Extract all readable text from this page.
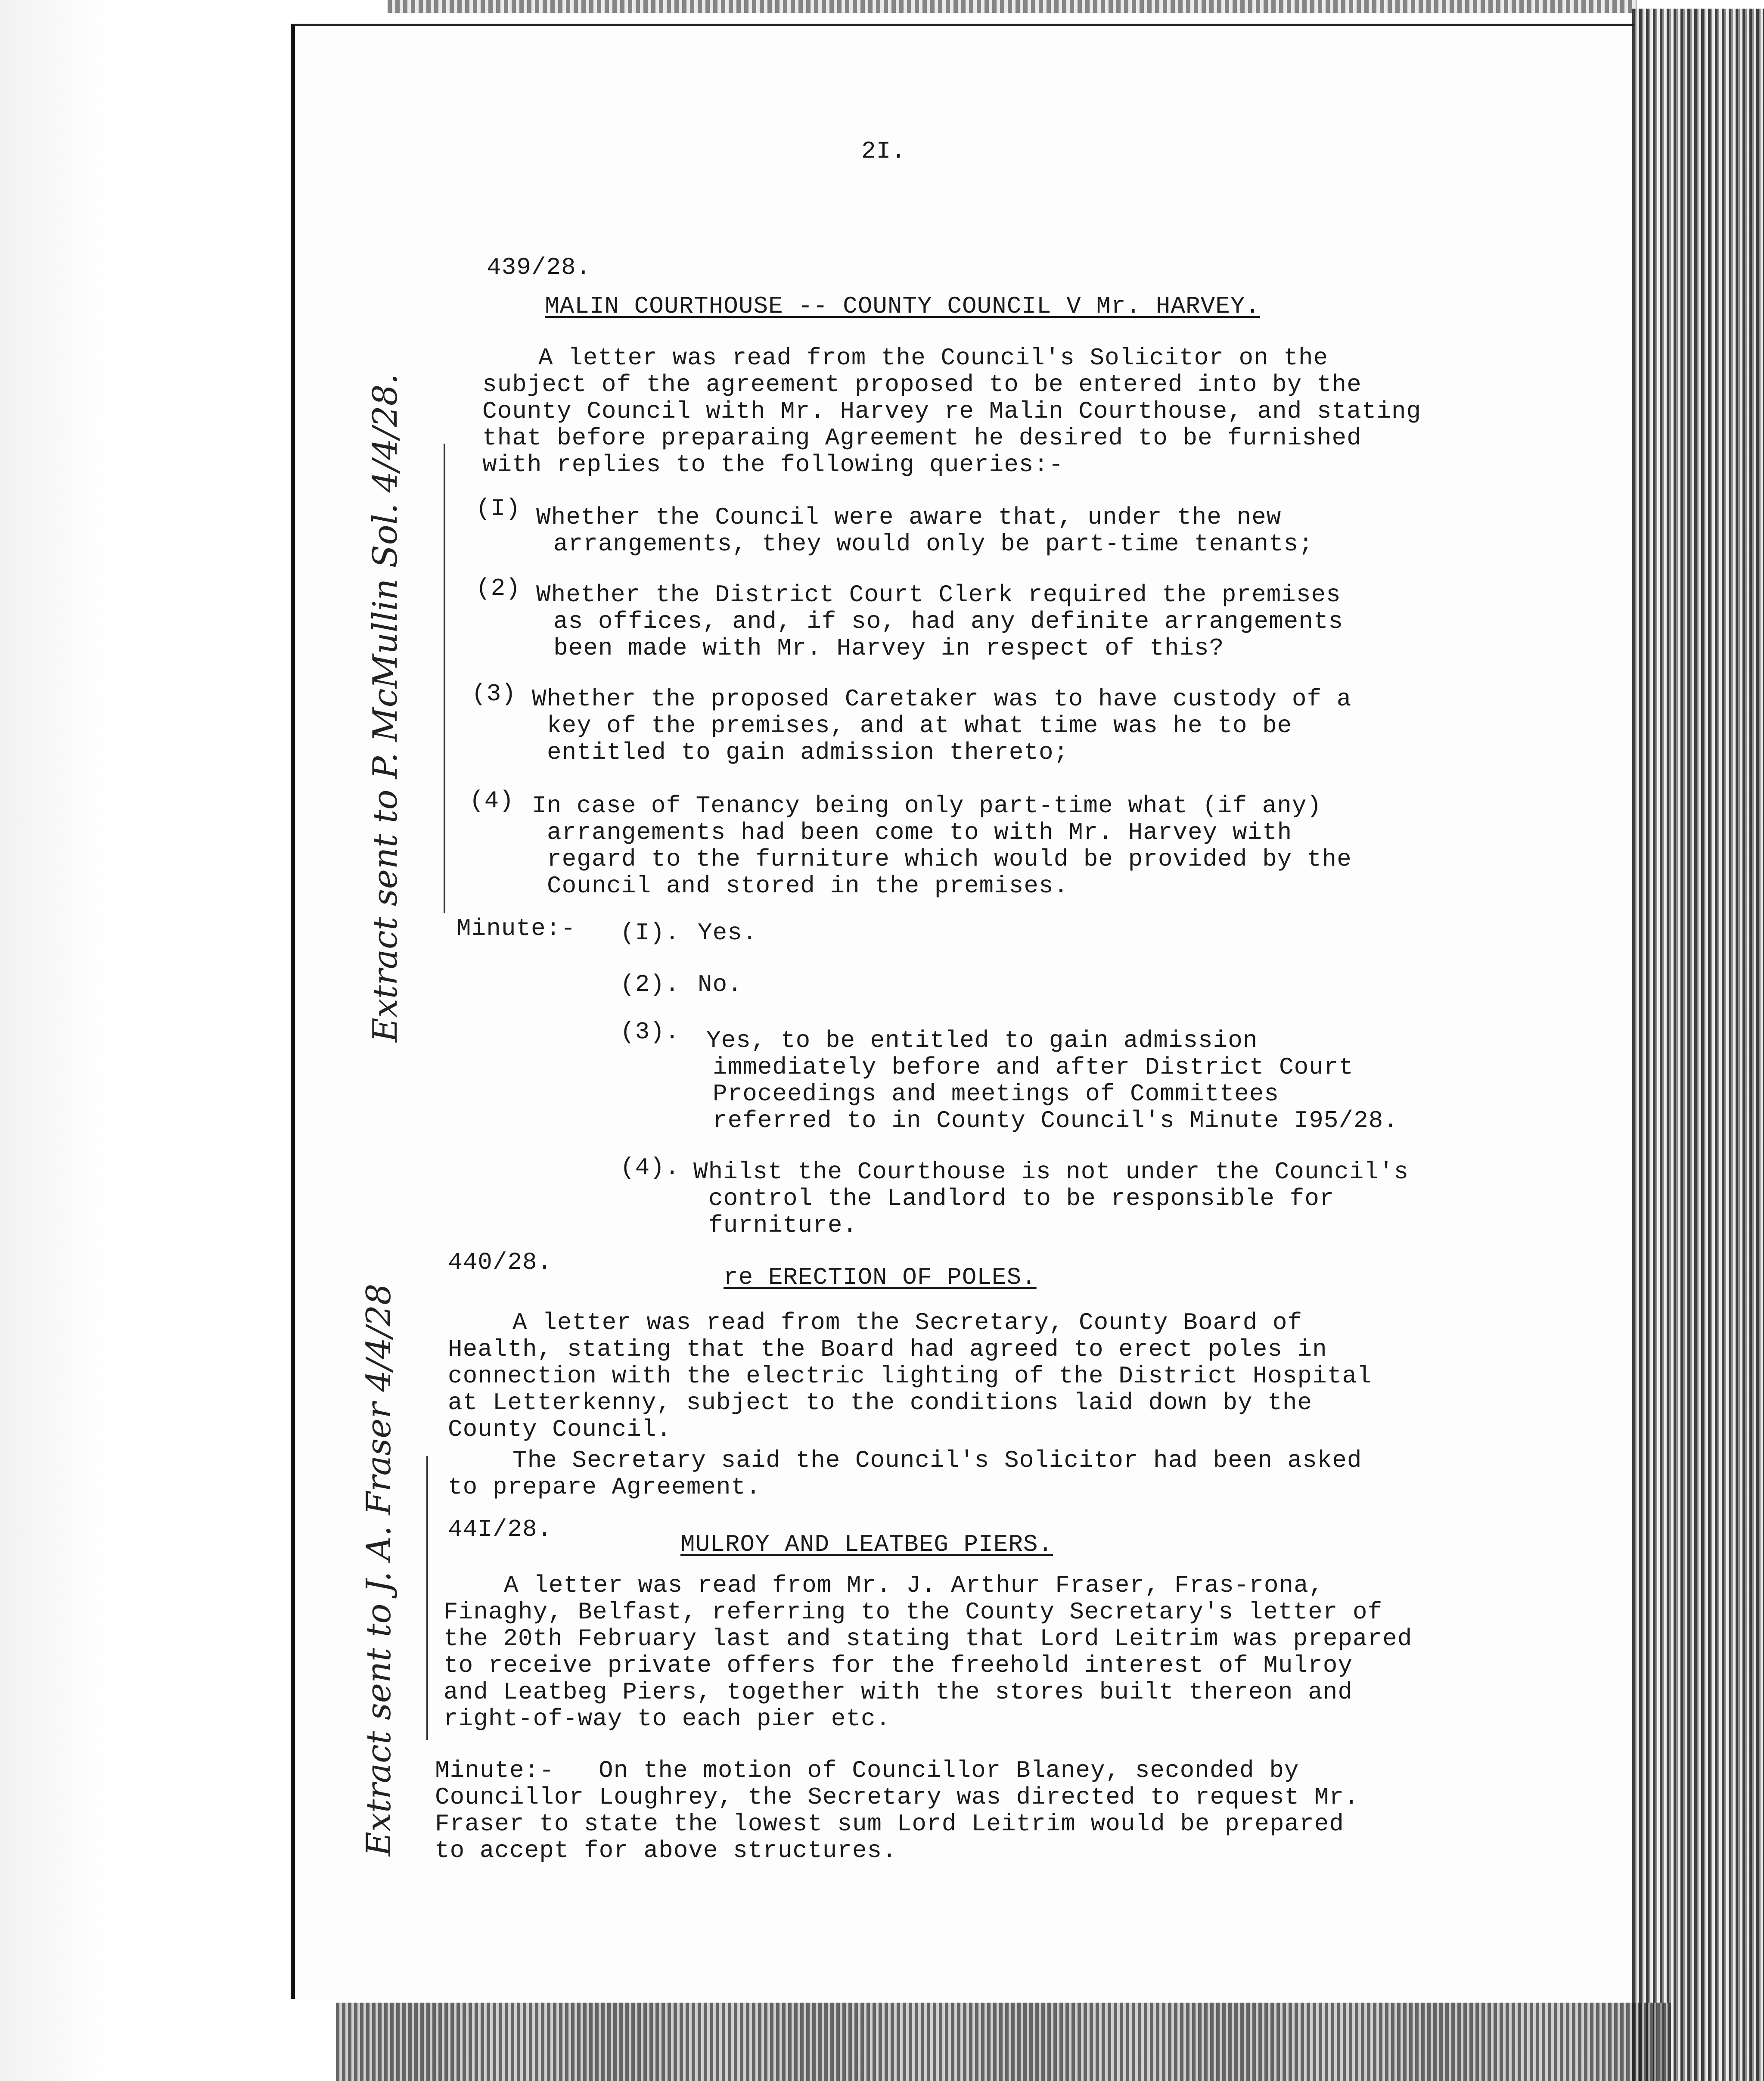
2I.
439/28.
MALIN COURTHOUSE -- COUNTY COUNCIL V Mr. HARVEY.
A letter was read from the Council's Solicitor on the
subject of the agreement proposed to be entered into by the
County Council with Mr. Harvey re Malin Courthouse, and stating
that before preparaing Agreement he desired to be furnished
with replies to the following queries:-
(I) Whether the Council were aware that, under the new
arrangements, they would only be part-time tenants;
(2) Whether the District Court Clerk required the premises
as offices, and, if so, had any definite arrangements
been made with Mr. Harvey in respect of this?
(3) Whether the proposed Caretaker was to have custody of a
key of the premises, and at what time was he to be
entitled to gain admission thereto;
(4) In case of Tenancy being only part-time what (if any)
arrangements had been come to with Mr. Harvey with
regard to the furniture which would be provided by the
Council and stored in the premises.
Minute:- (I). Yes.
(2). No.
(3). Yes, to be entitled to gain admission
immediately before and after District Court
Proceedings and meetings of Committees
referred to in County Council's Minute I95/28.
(4). Whilst the Courthouse is not under the Council's
control the Landlord to be responsible for
furniture.
Extract sent to P. McMullin Sol. 4/4/28.
440/28.
re ERECTION OF POLES.
A letter was read from the Secretary, County Board of
Health, stating that the Board had agreed to erect poles in
connection with the electric lighting of the District Hospital
at Letterkenny, subject to the conditions laid down by the
County Council.
The Secretary said the Council's Solicitor had been asked
to prepare Agreement.
44I/28.
MULROY AND LEATBEG PIERS.
A letter was read from Mr. J. Arthur Fraser, Fras-rona,
Finaghy, Belfast, referring to the County Secretary's letter of
the 20th February last and stating that Lord Leitrim was prepared
to receive private offers for the freehold interest of Mulroy
and Leatbeg Piers, together with the stores built thereon and
right-of-way to each pier etc.
Minute:- On the motion of Councillor Blaney, seconded by
Councillor Loughrey, the Secretary was directed to request Mr.
Fraser to state the lowest sum Lord Leitrim would be prepared
to accept for above structures.
Extract sent to J. A. Fraser 4/4/28
